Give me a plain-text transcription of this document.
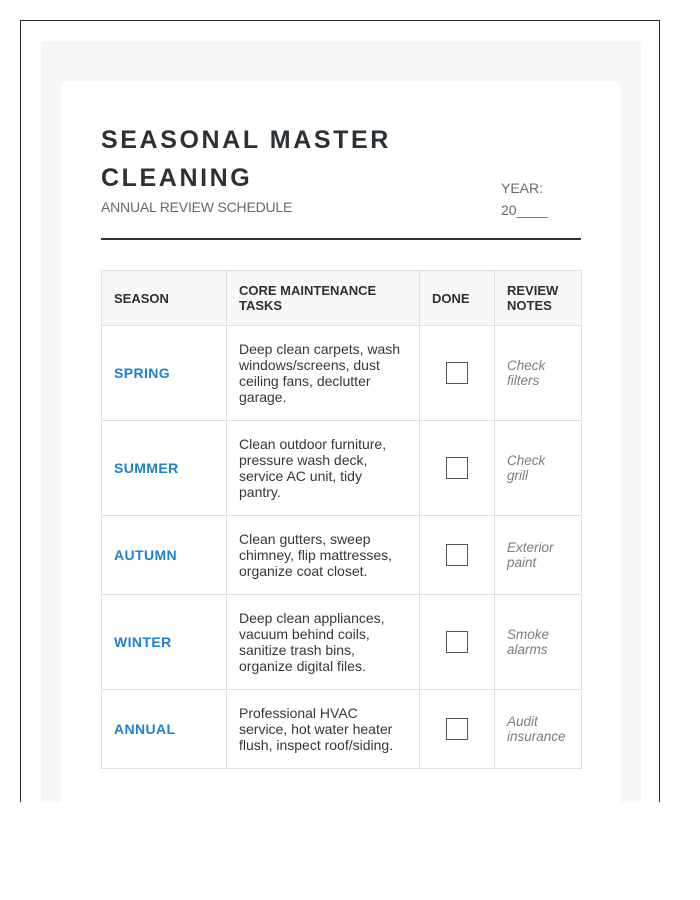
SEASONAL MASTER CLEANING
ANNUAL REVIEW SCHEDULE
YEAR:
20____
SEASON	CORE MAINTENANCE TASKS	DONE	REVIEW NOTES
SPRING	Deep clean carpets, wash windows/screens, dust ceiling fans, declutter garage.		Check filters
SUMMER	Clean outdoor furniture, pressure wash deck, service AC unit, tidy pantry.		Check grill
AUTUMN	Clean gutters, sweep chimney, flip mattresses, organize coat closet.		Exterior paint
WINTER	Deep clean appliances, vacuum behind coils, sanitize trash bins, organize digital files.		Smoke alarms
ANNUAL	Professional HVAC service, hot water heater flush, inspect roof/siding.		Audit insurance
